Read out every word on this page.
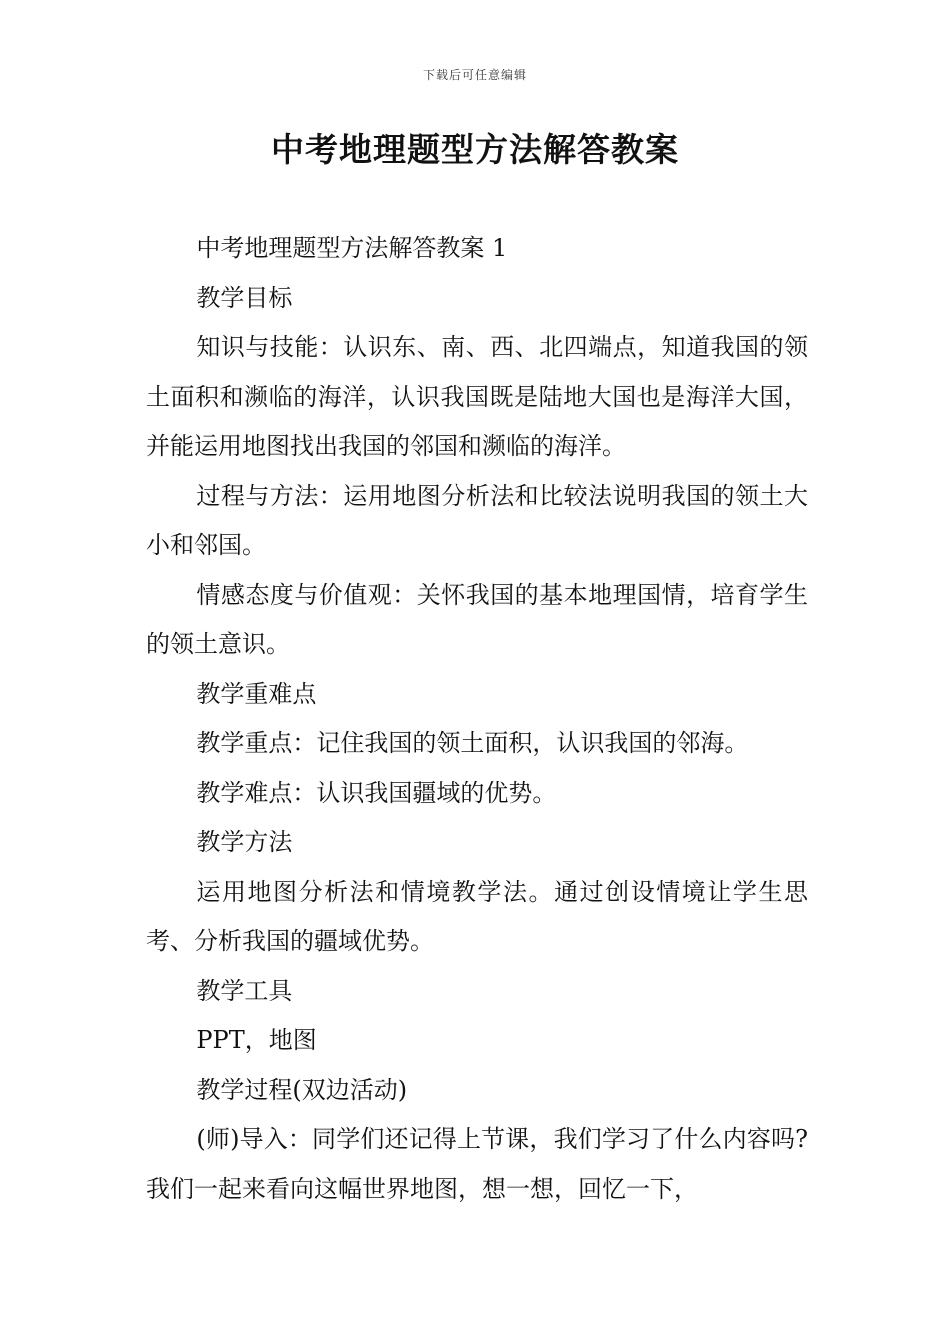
下载后可任意编辑
中考地理题型方法解答教案

中考地理题型方法解答教案 1

教学目标

知识与技能：认识东、南、西、北四端点，知道我国的领土面积和濒临的海洋，认识我国既是陆地大国也是海洋大国，并能运用地图找出我国的邻国和濒临的海洋。

过程与方法：运用地图分析法和比较法说明我国的领土大小和邻国。

情感态度与价值观：关怀我国的基本地理国情，培育学生的领土意识。

教学重难点

教学重点：记住我国的领土面积，认识我国的邻海。

教学难点：认识我国疆域的优势。

教学方法

运用地图分析法和情境教学法。通过创设情境让学生思考、分析我国的疆域优势。

教学工具

PPT，地图

教学过程(双边活动)

(师)导入：同学们还记得上节课，我们学习了什么内容吗?我们一起来看向这幅世界地图，想一想，回忆一下，
